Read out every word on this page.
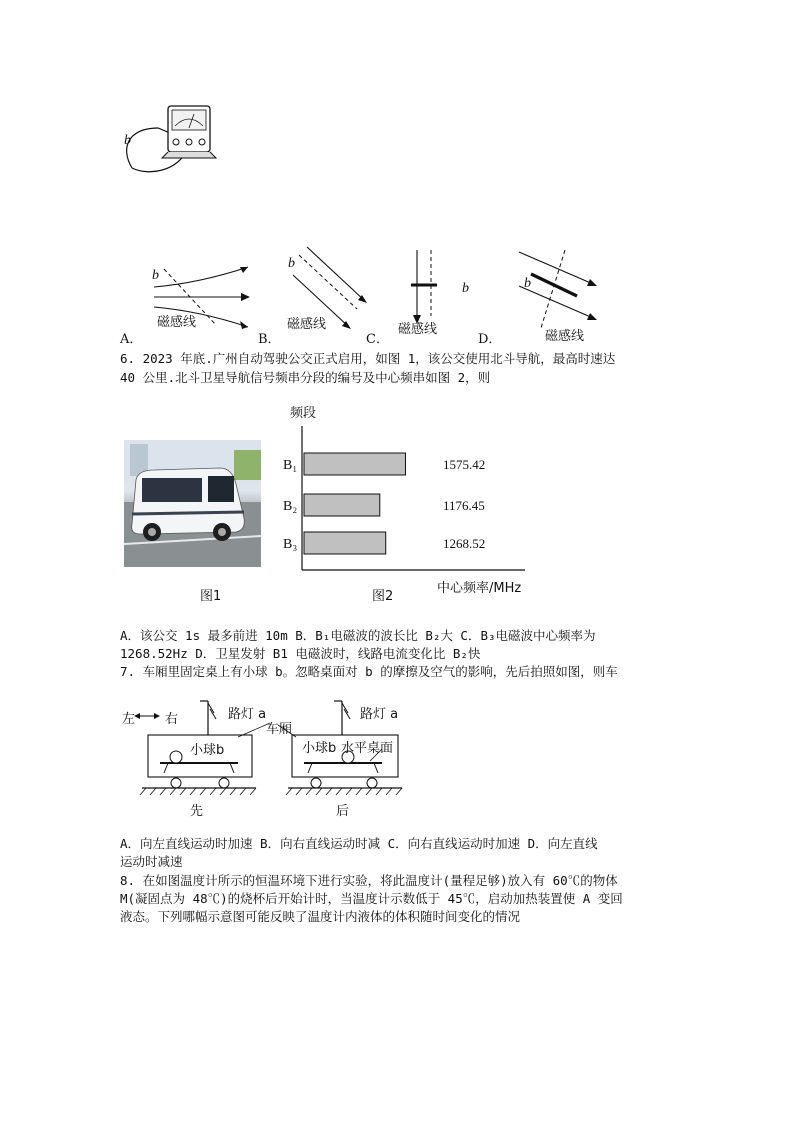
b
b
磁感线
A．
b
磁感线
B．
b
磁感线
C．
b
磁感线
D．
6. 2023 年底.广州自动驾驶公交正式启用，如图 1，该公交使用北斗导航，最高时速达
40 公里.北斗卫星导航信号频串分段的编号及中心频串如图 2，则
图1
B₁	1575.42
B₂	1176.45
B₃	1268.52
频段
中心频率/MHz
图2
A．该公交 1s 最多前进 10m B．B₁电磁波的波长比 B₂大 C．B₃电磁波中心频率为
1268.52Hz D．卫星发射 B1 电磁波时，线路电流变化比 B₂快
7. 车厢里固定桌上有小球 b。忽略桌面对 b 的摩擦及空气的影响，先后拍照如图，则车
左 右	路灯 a
车厢
小球b
路灯 a
小球b 水平桌面
先	后
A．向左直线运动时加速 B．向右直线运动时减 C．向右直线运动时加速 D．向左直线
运动时减速
8. 在如图温度计所示的恒温环境下进行实验，将此温度计(量程足够)放入有 60℃的物体
M(凝固点为 48℃)的烧杯后开始计时，当温度计示数低于 45℃，启动加热装置使 A 变回
液态。下列哪幅示意图可能反映了温度计内液体的体积随时间变化的情况
